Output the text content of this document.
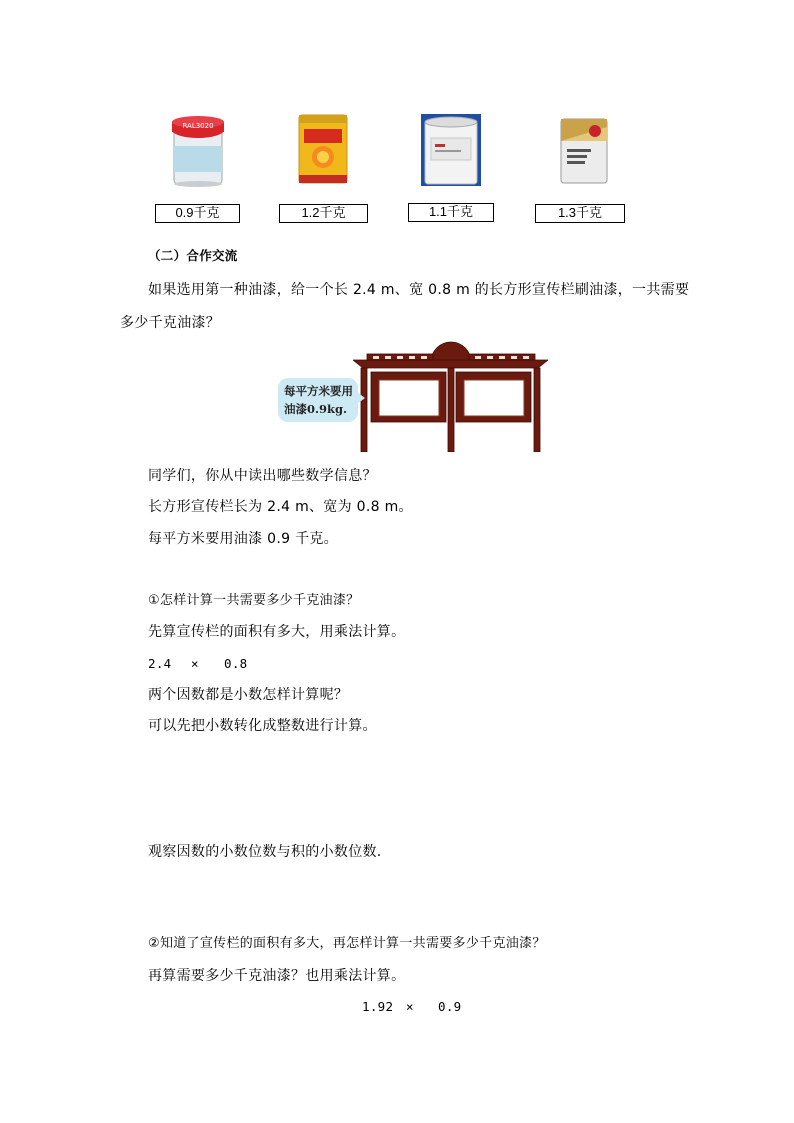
RAL3020
0.9千克	1.2千克	1.1千克	1.3千克
（二）合作交流
如果选用第一种油漆，给一个长 2.4 m、宽 0.8 m 的长方形宣传栏刷油漆，一共需要
多少千克油漆？
每平方米要用
油漆0.9kg.
同学们，你从中读出哪些数学信息？
长方形宣传栏长为 2.4 m、宽为 0.8 m。
每平方米要用油漆 0.9 千克。
①怎样计算一共需要多少千克油漆？
先算宣传栏的面积有多大，用乘法计算。
2.4 × 0.8
两个因数都是小数怎样计算呢？
可以先把小数转化成整数进行计算。
观察因数的小数位数与积的小数位数.
②知道了宣传栏的面积有多大，再怎样计算一共需要多少千克油漆？
再算需要多少千克油漆？也用乘法计算。
1.92 × 0.9
